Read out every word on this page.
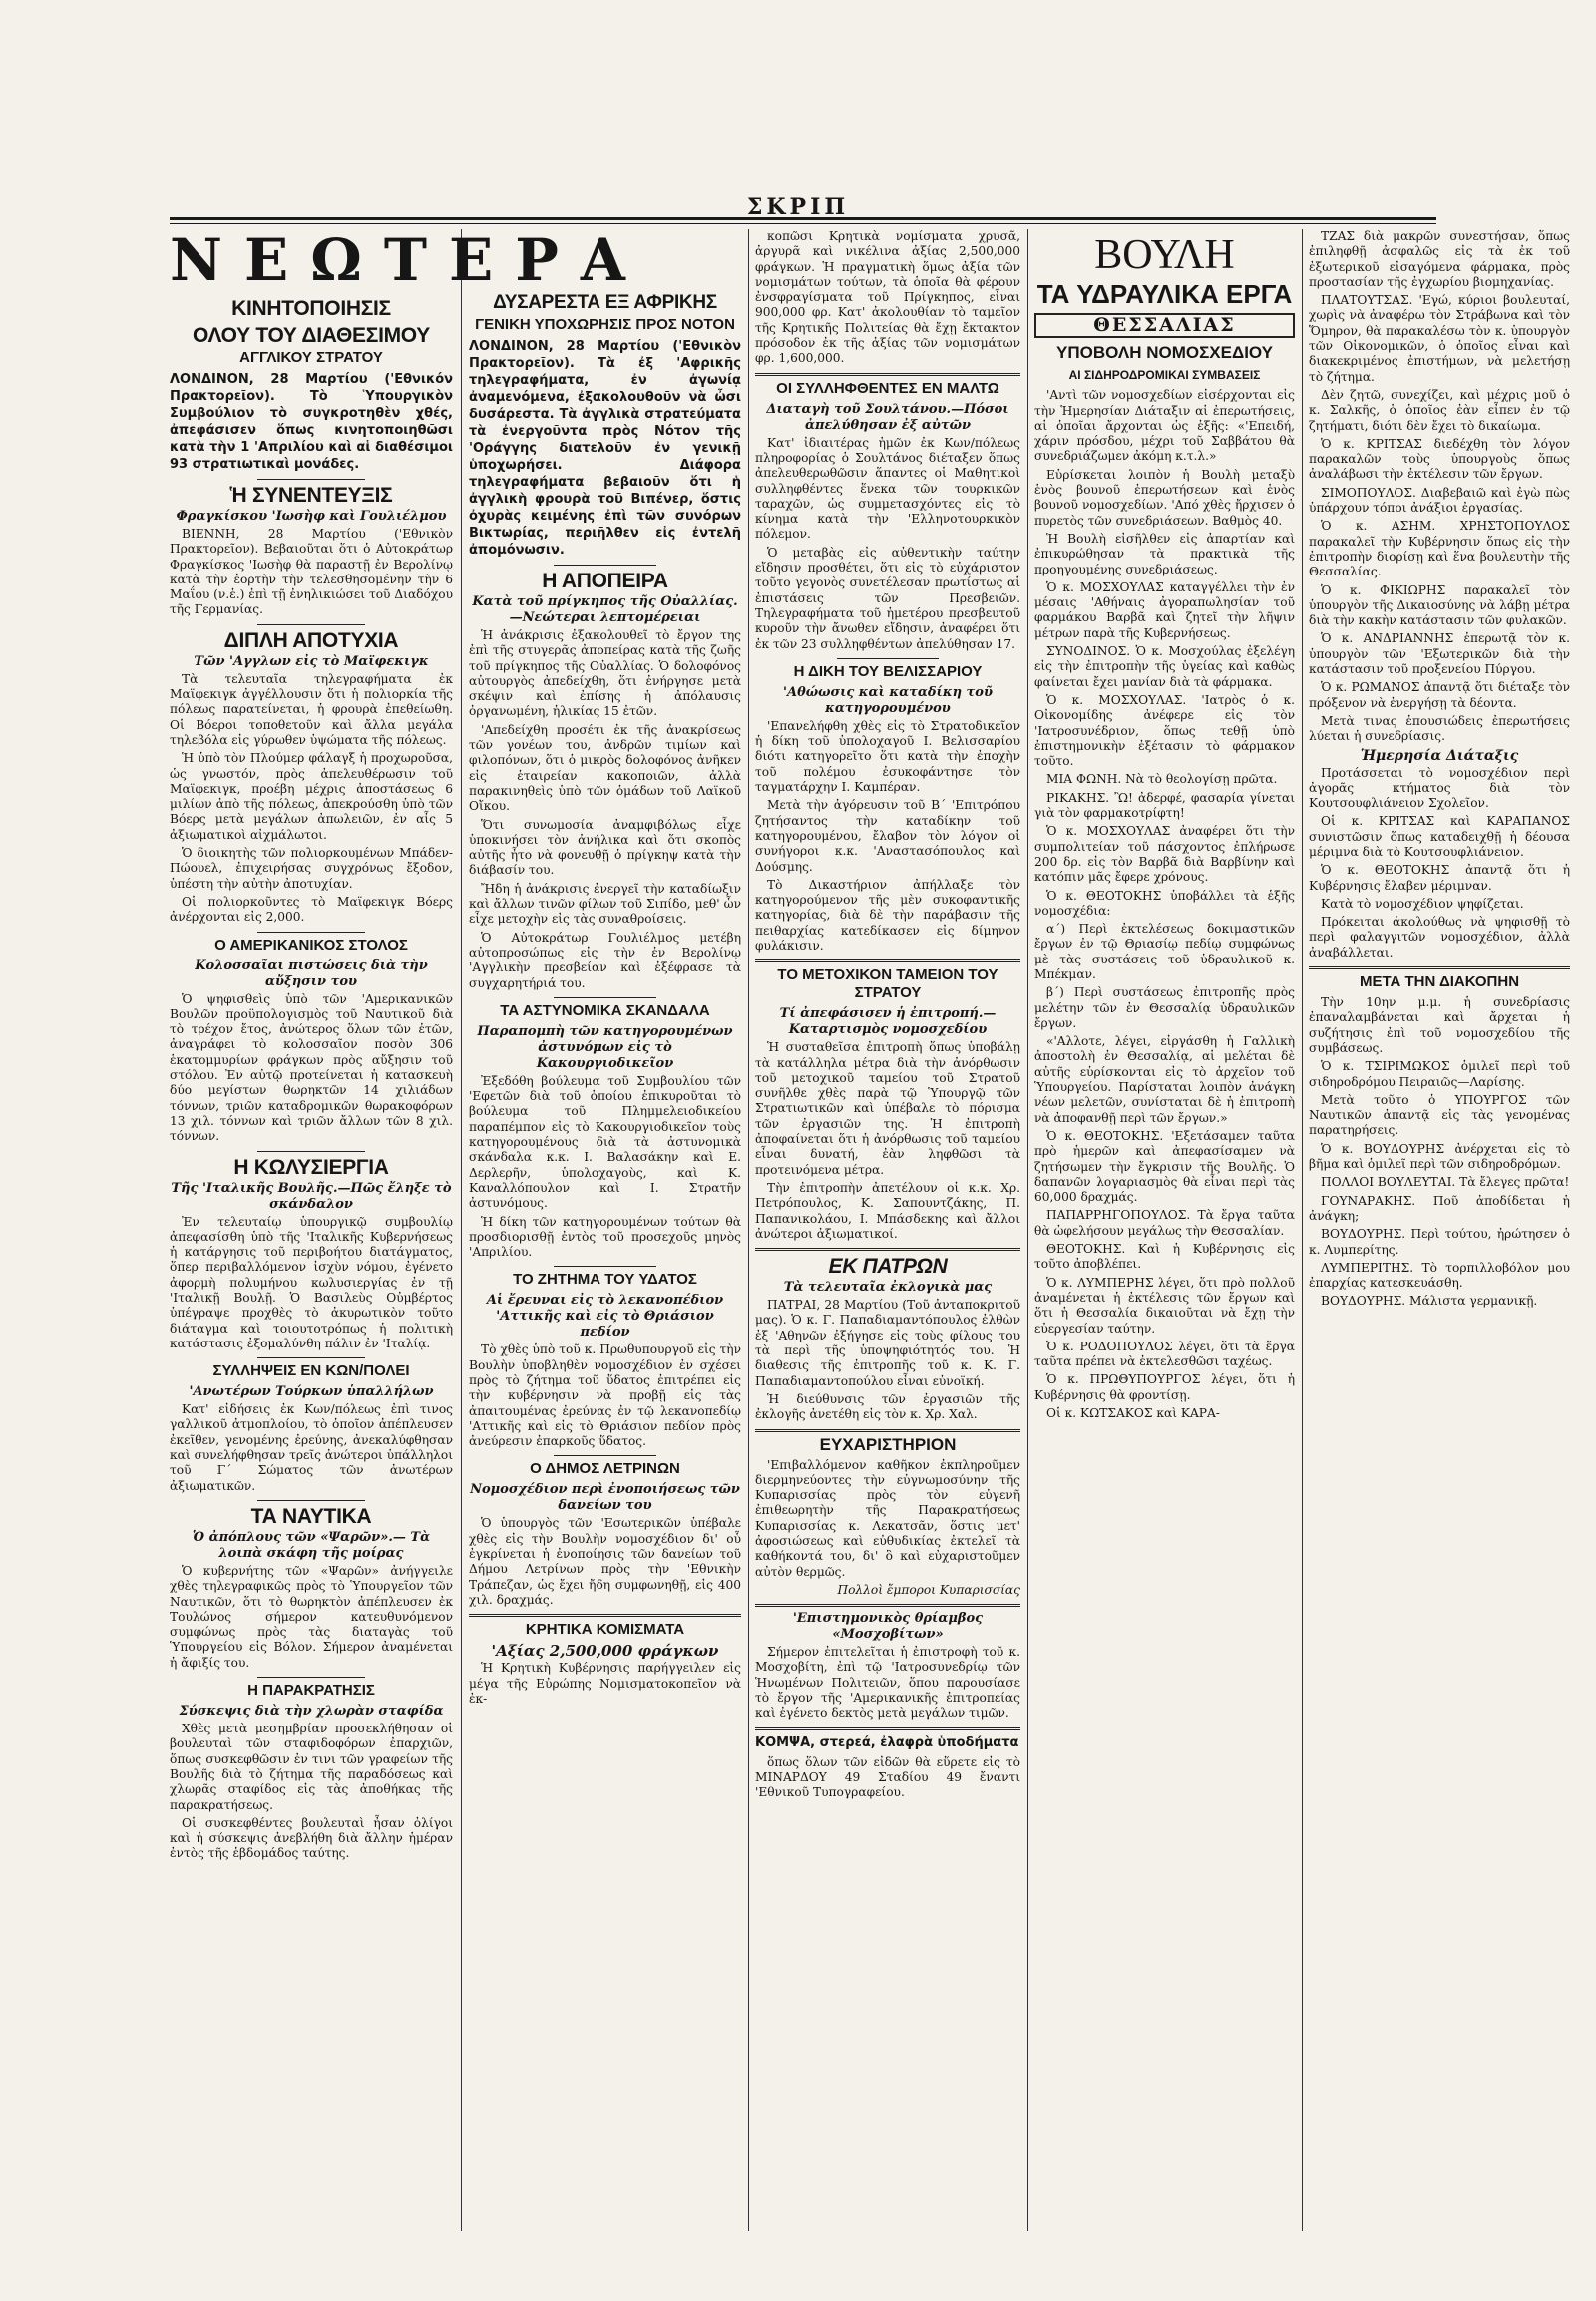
ΣΚΡΙΠ
ΝΕΩΤΕΡΑ
ΚΙΝΗΤΟΠΟΙΗΣΙΣ
ΟΛΟΥ ΤΟΥ ΔΙΑΘΕΣΙΜΟΥ
ΑΓΓΛΙΚΟΥ ΣΤΡΑΤΟΥ
ΛΟΝΔΙΝΟΝ, 28 Μαρτίου ('Εθνικόν Πρακτορεῖον). Τὸ Ὑπουργικὸν Συμβούλιον τὸ συγκροτηθὲν χθές, ἀπεφάσισεν ὅπως κινητοποιηθῶσι κατὰ τὴν 1 'Απριλίου καὶ αἱ διαθέσιμοι 93 στρατιωτικαὶ μονάδες.
Ἡ ΣΥΝΕΝΤΕΥΞΙΣ
Φραγκίσκου 'Ιωσὴφ καὶ Γουλιέλμου

ΒΙΕΝΝΗ, 28 Μαρτίου ('Εθνικὸν Πρακτορεῖον). Βεβαιοῦται ὅτι ὁ Αὐτοκράτωρ Φραγκίσκος 'Ιωσὴφ θὰ παραστῇ ἐν Βερολίνῳ κατὰ τὴν ἑορτὴν τὴν τελεσθησομένην τὴν 6 Μαΐου (ν.ἑ.) ἐπὶ τῇ ἐνηλικιώσει τοῦ Διαδόχου τῆς Γερμανίας.

ΔΙΠΛΗ ΑΠΟΤΥΧΙΑ
Τῶν 'Αγγλων εἰς τὸ Μαϊφεκιγκ

Τὰ τελευταῖα τηλεγραφήματα ἐκ Μαϊφεκιγκ ἀγγέλλουσιν ὅτι ἡ πολιορκία τῆς πόλεως παρατείνεται, ἡ φρουρὰ ἐπεθείωθη. Οἱ Βόεροι τοποθετοῦν καὶ ἄλλα μεγάλα τηλεβόλα εἰς γύρωθεν ὑψώματα τῆς πόλεως.

Ἡ ὑπὸ τὸν Πλούμερ φάλαγξ ἡ προχωροῦσα, ὡς γνωστόν, πρὸς ἀπελευθέρωσιν τοῦ Μαϊφεκιγκ, προέβη μέχρις ἀποστάσεως 6 μιλίων ἀπὸ τῆς πόλεως, ἀπεκρούσθη ὑπὸ τῶν Βόερς μετὰ μεγάλων ἀπωλειῶν, ἐν αἷς 5 ἀξιωματικοὶ αἰχμάλωτοι.

Ὁ διοικητὴς τῶν πολιορκουμένων Μπάδεν-Πώουελ, ἐπιχειρήσας συγχρόνως ἔξοδον, ὑπέστη τὴν αὐτὴν ἀποτυχίαν.

Οἱ πολιορκοῦντες τὸ Μαϊφεκιγκ Βόερς ἀνέρχονται εἰς 2,000.

Ο ΑΜΕΡΙΚΑΝΙΚΟΣ ΣΤΟΛΟΣ
Κολοσσαῖαι πιστώσεις διὰ τὴν αὔξησιν του

Ὁ ψηφισθεὶς ὑπὸ τῶν 'Αμερικανικῶν Βουλῶν προϋπολογισμὸς τοῦ Ναυτικοῦ διὰ τὸ τρέχον ἔτος, ἀνώτερος ὅλων τῶν ἐτῶν, ἀναγράφει τὸ κολοσσαῖον ποσὸν 306 ἑκατομμυρίων φράγκων πρὸς αὔξησιν τοῦ στόλου. Ἐν αὐτῷ προτείνεται ἡ κατασκευὴ δύο μεγίστων θωρηκτῶν 14 χιλιάδων τόννων, τριῶν καταδρομικῶν θωρακοφόρων 13 χιλ. τόννων καὶ τριῶν ἄλλων τῶν 8 χιλ. τόννων.

Η ΚΩΛΥΣΙΕΡΓΙΑ
Τῆς 'Ιταλικῆς Βουλῆς.—Πῶς ἔληξε τὸ σκάνδαλον

Ἐν τελευταίῳ ὑπουργικῷ συμβουλίῳ ἀπεφασίσθη ὑπὸ τῆς 'Ιταλικῆς Κυβερνήσεως ἡ κατάργησις τοῦ περιβοήτου διατάγματος, ὅπερ περιβαλλόμενον ἰσχὺν νόμου, ἐγένετο ἀφορμὴ πολυμήνου κωλυσιεργίας ἐν τῇ 'Ιταλικῇ Βουλῇ. Ὁ Βασιλεὺς Οὐμβέρτος ὑπέγραψε προχθὲς τὸ ἀκυρωτικὸν τοῦτο διάταγμα καὶ τοιουτοτρόπως ἡ πολιτικὴ κατάστασις ἐξομαλύνθη πάλιν ἐν 'Ιταλίᾳ.

ΣΥΛΛΗΨΕΙΣ ΕΝ ΚΩΝ/ΠΟΛΕΙ
'Ανωτέρων Τούρκων ὑπαλλήλων

Κατ' εἰδήσεις ἐκ Κων/πόλεως ἐπὶ τινος γαλλικοῦ ἀτμοπλοίου, τὸ ὁποῖον ἀπέπλευσεν ἐκεῖθεν, γενομένης ἐρεύνης, ἀνεκαλύφθησαν καὶ συνελήφθησαν τρεῖς ἀνώτεροι ὑπάλληλοι τοῦ Γ΄ Σώματος τῶν ἀνωτέρων ἀξιωματικῶν.

ΤΑ ΝΑΥΤΙΚΑ
Ὁ ἀπόπλους τῶν «Ψαρῶν».— Τὰ λοιπὰ σκάφη τῆς μοίρας

Ὁ κυβερνήτης τῶν «Ψαρῶν» ἀνήγγειλε χθὲς τηλεγραφικῶς πρὸς τὸ Ὑπουργεῖον τῶν Ναυτικῶν, ὅτι τὸ θωρηκτὸν ἀπέπλευσεν ἐκ Τουλώνος σήμερον κατευθυνόμενον συμφώνως πρὸς τὰς διαταγὰς τοῦ Ὑπουργείου εἰς Βόλον. Σήμερον ἀναμένεται ἡ ἄφιξίς του.

Η ΠΑΡΑΚΡΑΤΗΣΙΣ
Σύσκεψις διὰ τὴν χλωρὰν σταφίδα

Χθὲς μετὰ μεσημβρίαν προσεκλήθησαν οἱ βουλευταὶ τῶν σταφιδοφόρων ἐπαρχιῶν, ὅπως συσκεφθῶσιν ἐν τινι τῶν γραφείων τῆς Βουλῆς διὰ τὸ ζήτημα τῆς παραδόσεως καὶ χλωρᾶς σταφίδος εἰς τὰς ἀποθήκας τῆς παρακρατήσεως.

Οἱ συσκεφθέντες βουλευταὶ ἦσαν ὀλίγοι καὶ ἡ σύσκεψις ἀνεβλήθη διὰ ἄλλην ἡμέραν ἐντὸς τῆς ἑβδομάδος ταύτης.

ΔΥΣΑΡΕΣΤΑ ΕΞ ΑΦΡΙΚΗΣ
ΓΕΝΙΚΗ ΥΠΟΧΩΡΗΣΙΣ ΠΡΟΣ ΝΟΤΟΝ
ΛΟΝΔΙΝΟΝ, 28 Μαρτίου ('Εθνικὸν Πρακτορεῖον). Τὰ ἐξ 'Αφρικῆς τηλεγραφήματα, ἐν ἀγωνίᾳ ἀναμενόμενα, ἐξακολουθοῦν νὰ ὦσι δυσάρεστα. Τὰ ἀγγλικὰ στρατεύματα τὰ ἐνεργοῦντα πρὸς Νότον τῆς 'Οράγγης διατελοῦν ἐν γενικῇ ὑποχωρήσει. Διάφορα τηλεγραφήματα βεβαιοῦν ὅτι ἡ ἀγγλικὴ φρουρὰ τοῦ Βιπένερ, ὅστις ὀχυρὰς κειμένης ἐπὶ τῶν συνόρων Βικτωρίας, περιῆλθεν εἰς ἐντελῆ ἀπομόνωσιν.
Η ΑΠΟΠΕΙΡΑ
Κατὰ τοῦ πρίγκηπος τῆς Οὐαλλίας.—Νεώτεραι λεπτομέρειαι

Ἡ ἀνάκρισις ἐξακολουθεῖ τὸ ἔργον της ἐπὶ τῆς στυγερᾶς ἀποπείρας κατὰ τῆς ζωῆς τοῦ πρίγκηπος τῆς Οὐαλλίας. Ὁ δολοφόνος αὐτουργὸς ἀπεδείχθη, ὅτι ἐνήργησε μετὰ σκέψιν καὶ ἐπίσης ἡ ἀπόλαυσις ὀργανωμένη, ἡλικίας 15 ἐτῶν.

'Απεδείχθη προσέτι ἐκ τῆς ἀνακρίσεως τῶν γονέων του, ἀνδρῶν τιμίων καὶ φιλοπόνων, ὅτι ὁ μικρὸς δολοφόνος ἀνῆκεν εἰς ἑταιρείαν κακοποιῶν, ἀλλὰ παρακινηθεὶς ὑπὸ τῶν ὁμάδων τοῦ Λαϊκοῦ Οἴκου.

Ὅτι συνωμοσία ἀναμφιβόλως εἶχε ὑποκινήσει τὸν ἀνήλικα καὶ ὅτι σκοπὸς αὐτῆς ἦτο νὰ φονευθῇ ὁ πρίγκηψ κατὰ τὴν διάβασίν του.

Ἤδη ἡ ἀνάκρισις ἐνεργεῖ τὴν καταδίωξιν καὶ ἄλλων τινῶν φίλων τοῦ Σιπίδο, μεθ' ὧν εἶχε μετοχὴν εἰς τὰς συναθροίσεις.

Ὁ Αὐτοκράτωρ Γουλιέλμος μετέβη αὐτοπροσώπως εἰς τὴν ἐν Βερολίνῳ 'Αγγλικὴν πρεσβείαν καὶ ἐξέφρασε τὰ συγχαρητήριά του.

ΤΑ ΑΣΤΥΝΟΜΙΚΑ ΣΚΑΝΔΑΛΑ
Παραπομπὴ τῶν κατηγορουμένων ἀστυνόμων εἰς τὸ Κακουργιοδικεῖον

Ἐξεδόθη βούλευμα τοῦ Συμβουλίου τῶν 'Εφετῶν διὰ τοῦ ὁποίου ἐπικυροῦται τὸ βούλευμα τοῦ Πλημμελειοδικείου παραπέμπον εἰς τὸ Κακουργιοδικεῖον τοὺς κατηγορουμένους διὰ τὰ ἀστυνομικὰ σκάνδαλα κ.κ. Ι. Βαλασάκην καὶ Ε. Δερλερῆν, ὑπολοχαγοὺς, καὶ Κ. Καναλλόπουλον καὶ Ι. Στρατῆν ἀστυνόμους.

Ἡ δίκη τῶν κατηγορουμένων τούτων θὰ προσδιορισθῇ ἐντὸς τοῦ προσεχοῦς μηνὸς 'Απριλίου.

ΤΟ ΖΗΤΗΜΑ ΤΟΥ ΥΔΑΤΟΣ
Αἱ ἔρευναι εἰς τὸ λεκανοπέδιον 'Αττικῆς καὶ εἰς τὸ Θριάσιον πεδίον

Τὸ χθὲς ὑπὸ τοῦ κ. Πρωθυπουργοῦ εἰς τὴν Βουλὴν ὑποβληθὲν νομοσχέδιον ἐν σχέσει πρὸς τὸ ζήτημα τοῦ ὕδατος ἐπιτρέπει εἰς τὴν κυβέρνησιν νὰ προβῇ εἰς τὰς ἀπαιτουμένας ἐρεύνας ἐν τῷ λεκανοπεδίῳ 'Αττικῆς καὶ εἰς τὸ Θριάσιον πεδίον πρὸς ἀνεύρεσιν ἐπαρκοῦς ὕδατος.

Ο ΔΗΜΟΣ ΛΕΤΡΙΝΩΝ
Νομοσχέδιον περὶ ἐνοποιήσεως τῶν δανείων του

Ὁ ὑπουργὸς τῶν 'Εσωτερικῶν ὑπέβαλε χθὲς εἰς τὴν Βουλὴν νομοσχέδιον δι' οὗ ἐγκρίνεται ἡ ἐνοποίησις τῶν δανείων τοῦ Δήμου Λετρίνων πρὸς τὴν 'Εθνικὴν Τράπεζαν, ὡς ἔχει ἤδη συμφωνηθῇ, εἰς 400 χιλ. δραχμάς.

ΚΡΗΤΙΚΑ ΚΟΜΙΣΜΑΤΑ
'Αξίας 2,500,000 φράγκων

Ἡ Κρητικὴ Κυβέρνησις παρήγγειλεν εἰς μέγα τῆς Εὐρώπης Νομισματοκοπεῖον νὰ ἐκ-

κοπῶσι Κρητικὰ νομίσματα χρυσᾶ, ἀργυρᾶ καὶ νικέλινα ἀξίας 2,500,000 φράγκων. Ἡ πραγματικὴ ὅμως ἀξία τῶν νομισμάτων τούτων, τὰ ὁποῖα θὰ φέρουν ἐνσφραγίσματα τοῦ Πρίγκηπος, εἶναι 900,000 φρ. Κατ' ἀκολουθίαν τὸ ταμεῖον τῆς Κρητικῆς Πολιτείας θὰ ἔχῃ ἔκτακτον πρόσοδον ἐκ τῆς ἀξίας τῶν νομισμάτων φρ. 1,600,000.

ΟΙ ΣΥΛΛΗΦΘΕΝΤΕΣ ΕΝ ΜΑΛΤΩ
Διαταγὴ τοῦ Σουλτάνου.—Πόσοι ἀπελύθησαν ἐξ αὐτῶν

Κατ' ἰδιαιτέρας ἡμῶν ἐκ Κων/πόλεως πληροφορίας ὁ Σουλτάνος διέταξεν ὅπως ἀπελευθερωθῶσιν ἅπαντες οἱ Μαθητικοὶ συλληφθέντες ἕνεκα τῶν τουρκικῶν ταραχῶν, ὡς συμμετασχόντες εἰς τὸ κίνημα κατὰ τὴν 'Ελληνοτουρκικὸν πόλεμον.

Ὁ μεταβὰς εἰς αὐθεντικὴν ταύτην εἴδησιν προσθέτει, ὅτι εἰς τὸ εὐχάριστον τοῦτο γεγονὸς συνετέλεσαν πρωτίστως αἱ ἐπιστάσεις τῶν Πρεσβειῶν. Τηλεγραφήματα τοῦ ἡμετέρου πρεσβευτοῦ κυροῦν τὴν ἄνωθεν εἴδησιν, ἀναφέρει ὅτι ἐκ τῶν 23 συλληφθέντων ἀπελύθησαν 17.

Η ΔΙΚΗ ΤΟΥ ΒΕΛΙΣΣΑΡΙΟΥ
'Αθώωσις καὶ καταδίκη τοῦ κατηγορουμένου

'Επανελήφθη χθὲς εἰς τὸ Στρατοδικεῖον ἡ δίκη τοῦ ὑπολοχαγοῦ Ι. Βελισσαρίου διότι κατηγορεῖτο ὅτι κατὰ τὴν ἐποχὴν τοῦ πολέμου ἐσυκοφάντησε τὸν ταγματάρχην Ι. Καμπέραν.

Μετὰ τὴν ἀγόρευσιν τοῦ Β΄ 'Επιτρόπου ζητήσαντος τὴν καταδίκην τοῦ κατηγορουμένου, ἔλαβον τὸν λόγον οἱ συνήγοροι κ.κ. 'Αναστασόπουλος καὶ Δούσμης.

Τὸ Δικαστήριον ἀπήλλαξε τὸν κατηγορούμενον τῆς μὲν συκοφαντικῆς κατηγορίας, διὰ δὲ τὴν παράβασιν τῆς πειθαρχίας κατεδίκασεν εἰς δίμηνον φυλάκισιν.

ΤΟ ΜΕΤΟΧΙΚΟΝ ΤΑΜΕΙΟΝ ΤΟΥ ΣΤΡΑΤΟΥ
Τί ἀπεφάσισεν ἡ ἐπιτροπή.—Καταρτισμὸς νομοσχεδίου

Ἡ συσταθεῖσα ἐπιτροπὴ ὅπως ὑποβάλῃ τὰ κατάλληλα μέτρα διὰ τὴν ἀνόρθωσιν τοῦ μετοχικοῦ ταμείου τοῦ Στρατοῦ συνῆλθε χθὲς παρὰ τῷ Ὑπουργῷ τῶν Στρατιωτικῶν καὶ ὑπέβαλε τὸ πόρισμα τῶν ἐργασιῶν της. Ἡ ἐπιτροπὴ ἀποφαίνεται ὅτι ἡ ἀνόρθωσις τοῦ ταμείου εἶναι δυνατή, ἐὰν ληφθῶσι τὰ προτεινόμενα μέτρα.

Τὴν ἐπιτροπὴν ἀπετέλουν οἱ κ.κ. Χρ. Πετρόπουλος, Κ. Σαπουντζάκης, Π. Παπανικολάου, Ι. Μπάσδεκης καὶ ἄλλοι ἀνώτεροι ἀξιωματικοί.

ΕΚ ΠΑΤΡΩΝ
Τὰ τελευταῖα ἐκλογικὰ μας

ΠΑΤΡΑΙ, 28 Μαρτίου (Τοῦ ἀνταποκριτοῦ μας). Ὁ κ. Γ. Παπαδιαμαντόπουλος ἐλθὼν ἐξ 'Αθηνῶν ἐξήγησε εἰς τοὺς φίλους του τὰ περὶ τῆς ὑποψηφιότητός του. Ἡ διαθεσις τῆς ἐπιτροπῆς τοῦ κ. Κ. Γ. Παπαδιαμαντοπούλου εἶναι εὐνοϊκή.

Ἡ διεύθυνσις τῶν ἐργασιῶν τῆς ἐκλογῆς ἀνετέθη εἰς τὸν κ. Χρ. Χαλ.

ΕΥΧΑΡΙΣΤΗΡΙΟΝ

'Επιβαλλόμενον καθῆκον ἐκπληροῦμεν διερμηνεύοντες τὴν εὐγνωμοσύνην τῆς Κυπαρισσίας πρὸς τὸν εὐγενῆ ἐπιθεωρητὴν τῆς Παρακρατήσεως Κυπαρισσίας κ. Λεκατσᾶν, ὅστις μετ' ἀφοσιώσεως καὶ εὐθυδικίας ἐκτελεῖ τὰ καθήκοντά του, δι' ὃ καὶ εὐχαριστοῦμεν αὐτὸν θερμῶς.

Πολλοὶ ἔμποροι Κυπαρισσίας
'Επιστημονικὸς θρίαμβος «Μοσχοβίτων»

Σήμερον ἐπιτελεῖται ἡ ἐπιστροφὴ τοῦ κ. Μοσχοβίτη, ἐπὶ τῷ 'Ιατροσυνεδρίῳ τῶν Ἡνωμένων Πολιτειῶν, ὅπου παρουσίασε τὸ ἔργον τῆς 'Αμερικανικῆς ἐπιτροπείας καὶ ἐγένετο δεκτὸς μετὰ μεγάλων τιμῶν.

ΚΟΜΨΑ, στερεά, ἐλαφρὰ ὑποδήματα

ὅπως ὅλων τῶν εἰδῶν θὰ εὕρετε εἰς τὸ ΜΙΝΑΡΔΟΥ 49 Σταδίου 49 ἔναντι 'Εθνικοῦ Τυπογραφείου.

ΒΟΥΛΗ
ΤΑ ΥΔΡΑΥΛΙΚΑ ΕΡΓΑ
ΘΕΣΣΑΛΙΑΣ
ΥΠΟΒΟΛΗ ΝΟΜΟΣΧΕΔΙΟΥ
ΑΙ ΣΙΔΗΡΟΔΡΟΜΙΚΑΙ ΣΥΜΒΑΣΕΙΣ

'Αντὶ τῶν νομοσχεδίων εἰσέρχονται εἰς τὴν Ἡμερησίαν Διάταξιν αἱ ἐπερωτήσεις, αἱ ὁποῖαι ἄρχονται ὡς ἑξῆς: «'Επειδή, χάριν πρόσδου, μέχρι τοῦ Σαββάτου θὰ συνεδριάζωμεν ἀκόμη κ.τ.λ.»

Εὑρίσκεται λοιπὸν ἡ Βουλὴ μεταξὺ ἑνὸς βουνοῦ ἐπερωτήσεων καὶ ἑνὸς βουνοῦ νομοσχεδίων. 'Από χθὲς ἤρχισεν ὁ πυρετὸς τῶν συνεδριάσεων. Βαθμὸς 40.

Ἡ Βουλὴ εἰσῆλθεν εἰς ἀπαρτίαν καὶ ἐπικυρώθησαν τὰ πρακτικὰ τῆς προηγουμένης συνεδριάσεως.

Ὁ κ. ΜΟΣΧΟΥΛΑΣ καταγγέλλει τὴν ἐν μέσαις 'Αθήναις ἀγοραπωλησίαν τοῦ φαρμάκου Βαρβᾶ καὶ ζητεῖ τὴν λῆψιν μέτρων παρὰ τῆς Κυβερνήσεως.

ΣΥΝΟΔΙΝΟΣ. Ὁ κ. Μοσχούλας ἐξελέγη εἰς τὴν ἐπιτροπὴν τῆς ὑγείας καὶ καθὼς φαίνεται ἔχει μανίαν διὰ τὰ φάρμακα.

Ὁ κ. ΜΟΣΧΟΥΛΑΣ. 'Ιατρὸς ὁ κ. Οἰκονομίδης ἀνέφερε εἰς τὸν 'Ιατροσυνέδριον, ὅπως τεθῇ ὑπὸ ἐπιστημονικὴν ἐξέτασιν τὸ φάρμακον τοῦτο.

ΜΙΑ ΦΩΝΗ. Νὰ τὸ θεολογίσῃ πρῶτα.

ΡΙΚΑΚΗΣ. Ὢ! ἀδερφέ, φασαρία γίνεται γιὰ τὸν φαρμακοτρίφτη!

Ὁ κ. ΜΟΣΧΟΥΛΑΣ ἀναφέρει ὅτι τὴν συμπολιτείαν τοῦ πάσχοντος ἐπλήρωσε 200 δρ. εἰς τὸν Βαρβᾶ διὰ Βαρβίνην καὶ κατόπιν μᾶς ἔφερε χρόνους.

Ὁ κ. ΘΕΟΤΟΚΗΣ ὑποβάλλει τὰ ἑξῆς νομοσχέδια:

α΄) Περὶ ἐκτελέσεως δοκιμαστικῶν ἔργων ἐν τῷ Θριασίῳ πεδίῳ συμφώνως μὲ τὰς συστάσεις τοῦ ὑδραυλικοῦ κ. Μπέκμαν.

β΄) Περὶ συστάσεως ἐπιτροπῆς πρὸς μελέτην τῶν ἐν Θεσσαλίᾳ ὑδραυλικῶν ἔργων.

«'Αλλοτε, λέγει, εἰργάσθη ἡ Γαλλικὴ ἀποστολὴ ἐν Θεσσαλίᾳ, αἱ μελέται δὲ αὐτῆς εὑρίσκονται εἰς τὸ ἀρχεῖον τοῦ Ὑπουργείου. Παρίσταται λοιπὸν ἀνάγκη νέων μελετῶν, συνίσταται δὲ ἡ ἐπιτροπὴ νὰ ἀποφανθῇ περὶ τῶν ἔργων.»

Ὁ κ. ΘΕΟΤΟΚΗΣ. 'Εξετάσαμεν ταῦτα πρὸ ἡμερῶν καὶ ἀπεφασίσαμεν νὰ ζητήσωμεν τὴν ἔγκρισιν τῆς Βουλῆς. Ὁ δαπανῶν λογαριασμὸς θὰ εἶναι περὶ τὰς 60,000 δραχμάς.

ΠΑΠΑΡΡΗΓΟΠΟΥΛΟΣ. Τὰ ἔργα ταῦτα θὰ ὠφελήσουν μεγάλως τὴν Θεσσαλίαν.

ΘΕΟΤΟΚΗΣ. Καὶ ἡ Κυβέρνησις εἰς τοῦτο ἀποβλέπει.

Ὁ κ. ΛΥΜΠΕΡΗΣ λέγει, ὅτι πρὸ πολλοῦ ἀναμένεται ἡ ἐκτέλεσις τῶν ἔργων καὶ ὅτι ἡ Θεσσαλία δικαιοῦται νὰ ἔχῃ τὴν εὐεργεσίαν ταύτην.

Ὁ κ. ΡΟΔΟΠΟΥΛΟΣ λέγει, ὅτι τὰ ἔργα ταῦτα πρέπει νὰ ἐκτελεσθῶσι ταχέως.

Ὁ κ. ΠΡΩΘΥΠΟΥΡΓΟΣ λέγει, ὅτι ἡ Κυβέρνησις θὰ φροντίσῃ.

Οἱ κ. ΚΩΤΣΑΚΟΣ καὶ ΚΑΡΑ-

ΤΖΑΣ διὰ μακρῶν συνεστήσαν, ὅπως ἐπιληφθῇ ἀσφαλῶς εἰς τὰ ἐκ τοῦ ἐξωτερικοῦ εἰσαγόμενα φάρμακα, πρὸς προστασίαν τῆς ἐγχωρίου βιομηχανίας.

ΠΛΑΤΟΥΤΣΑΣ. 'Εγώ, κύριοι βουλευταί, χωρὶς νὰ ἀναφέρω τὸν Στράβωνα καὶ τὸν Ὅμηρον, θὰ παρακαλέσω τὸν κ. ὑπουργὸν τῶν Οἰκονομικῶν, ὁ ὁποῖος εἶναι καὶ διακεκριμένος ἐπιστήμων, νὰ μελετήσῃ τὸ ζήτημα.

Δὲν ζητῶ, συνεχίζει, καὶ μέχρις μοῦ ὁ κ. Σαλκῆς, ὁ ὁποῖος ἐὰν εἶπεν ἐν τῷ ζητήματι, διότι δὲν ἔχει τὸ δικαίωμα.

Ὁ κ. ΚΡΙΤΣΑΣ διεδέχθη τὸν λόγον παρακαλῶν τοὺς ὑπουργοὺς ὅπως ἀναλάβωσι τὴν ἐκτέλεσιν τῶν ἔργων.

ΣΙΜΟΠΟΥΛΟΣ. Διαβεβαιῶ καὶ ἐγὼ πὼς ὑπάρχουν τόποι ἀνάξιοι ἐργασίας.

Ὁ κ. ΑΣΗΜ. ΧΡΗΣΤΟΠΟΥΛΟΣ παρακαλεῖ τὴν Κυβέρνησιν ὅπως εἰς τὴν ἐπιτροπὴν διορίσῃ καὶ ἕνα βουλευτὴν τῆς Θεσσαλίας.

Ὁ κ. ΦΙΚΙΩΡΗΣ παρακαλεῖ τὸν ὑπουργὸν τῆς Δικαιοσύνης νὰ λάβῃ μέτρα διὰ τὴν κακὴν κατάστασιν τῶν φυλακῶν.

Ὁ κ. ΑΝΔΡΙΑΝΝΗΣ ἐπερωτᾷ τὸν κ. ὑπουργὸν τῶν 'Εξωτερικῶν διὰ τὴν κατάστασιν τοῦ προξενείου Πύργου.

Ὁ κ. ΡΩΜΑΝΟΣ ἀπαντᾷ ὅτι διέταξε τὸν πρόξενον νὰ ἐνεργήσῃ τὰ δέοντα.

Μετὰ τινας ἐπουσιώδεις ἐπερωτήσεις λύεται ἡ συνεδρίασις.

Ἡμερησία Διάταξις

Προτάσσεται τὸ νομοσχέδιον περὶ ἀγορᾶς κτήματος διὰ τὸν Κουτσουφλιάνειον Σχολεῖον.

Οἱ κ. ΚΡΙΤΣΑΣ καὶ ΚΑΡΑΠΑΝΟΣ συνιστῶσιν ὅπως καταδειχθῇ ἡ δέουσα μέριμνα διὰ τὸ Κουτσουφλιάνειον.

Ὁ κ. ΘΕΟΤΟΚΗΣ ἀπαντᾷ ὅτι ἡ Κυβέρνησις ἔλαβεν μέριμναν.

Κατὰ τὸ νομοσχέδιον ψηφίζεται.

Πρόκειται ἀκολούθως νὰ ψηφισθῇ τὸ περὶ φαλαγγιτῶν νομοσχέδιον, ἀλλὰ ἀναβάλλεται.

ΜΕΤΑ ΤΗΝ ΔΙΑΚΟΠΗΝ

Τὴν 10ην μ.μ. ἡ συνεδρίασις ἐπαναλαμβάνεται καὶ ἄρχεται ἡ συζήτησις ἐπὶ τοῦ νομοσχεδίου τῆς συμβάσεως.

Ὁ κ. ΤΣΙΡΙΜΩΚΟΣ ὁμιλεῖ περὶ τοῦ σιδηροδρόμου Πειραιῶς—Λαρίσης.

Μετὰ τοῦτο ὁ ΥΠΟΥΡΓΟΣ τῶν Ναυτικῶν ἀπαντᾷ εἰς τὰς γενομένας παρατηρήσεις.

Ὁ κ. ΒΟΥΔΟΥΡΗΣ ἀνέρχεται εἰς τὸ βῆμα καὶ ὁμιλεῖ περὶ τῶν σιδηροδρόμων.

ΠΟΛΛΟΙ ΒΟΥΛΕΥΤΑΙ. Τὰ ἔλεγες πρῶτα!

ΓΟΥΝΑΡΑΚΗΣ. Ποῦ ἀποδίδεται ἡ ἀνάγκη;

ΒΟΥΔΟΥΡΗΣ. Περὶ τούτου, ἠρώτησεν ὁ κ. Λυμπερίτης.

ΛΥΜΠΕΡΙΤΗΣ. Τὸ τορπιλλοβόλον μου ἐπαρχίας κατεσκευάσθη.

ΒΟΥΔΟΥΡΗΣ. Μάλιστα γερμανικῇ.
